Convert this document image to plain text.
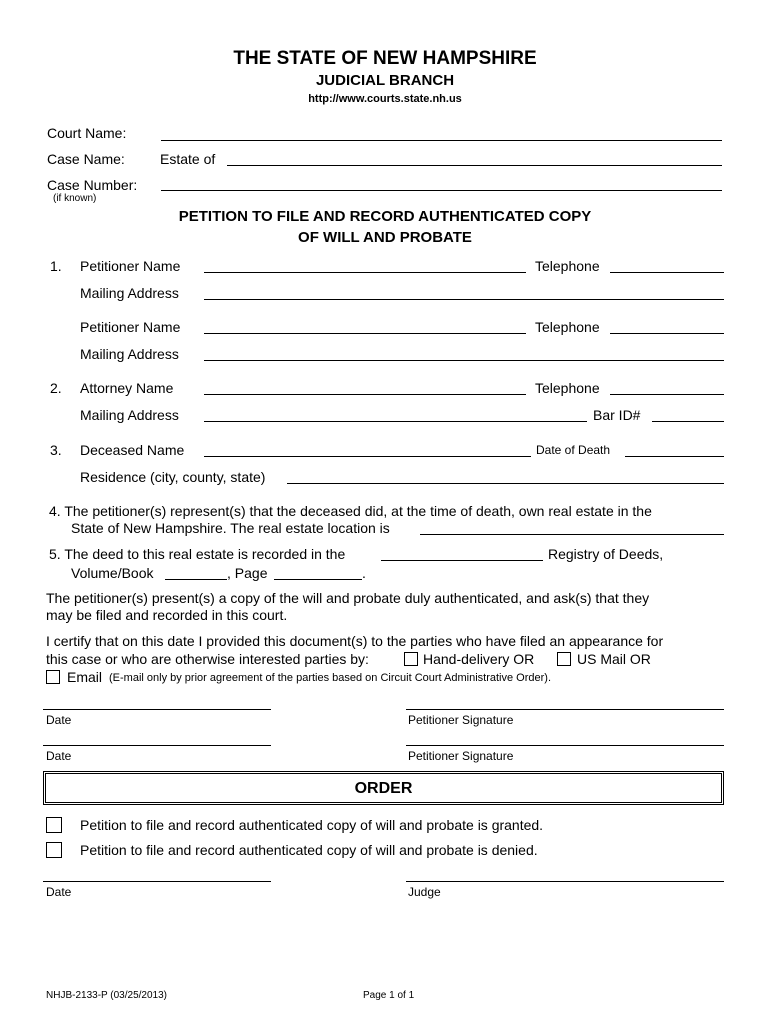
THE STATE OF NEW HAMPSHIRE
JUDICIAL BRANCH
http://www.courts.state.nh.us
Court Name:
Case Name:	Estate of
Case Number:
(if known)
PETITION TO FILE AND RECORD AUTHENTICATED COPY
OF WILL AND PROBATE
1. Petitioner Name	Telephone
Mailing Address
Petitioner Name	Telephone
Mailing Address
2. Attorney Name	Telephone
Mailing Address	Bar ID#
3. Deceased Name	Date of Death
Residence (city, county, state)
4. The petitioner(s) represent(s) that the deceased did, at the time of death, own real estate in the
State of New Hampshire. The real estate location is
5. The deed to this real estate is recorded in the	Registry of Deeds,
Volume/Book	, Page	.
The petitioner(s) present(s) a copy of the will and probate duly authenticated, and ask(s) that they
may be filed and recorded in this court.
I certify that on this date I provided this document(s) to the parties who have filed an appearance for
this case or who are otherwise interested parties by:	Hand-delivery OR	US Mail OR
Email (E-mail only by prior agreement of the parties based on Circuit Court Administrative Order).
Date	Petitioner Signature
Date	Petitioner Signature
ORDER
Petition to file and record authenticated copy of will and probate is granted.
Petition to file and record authenticated copy of will and probate is denied.
Date	Judge
NHJB-2133-P (03/25/2013)	Page 1 of 1
